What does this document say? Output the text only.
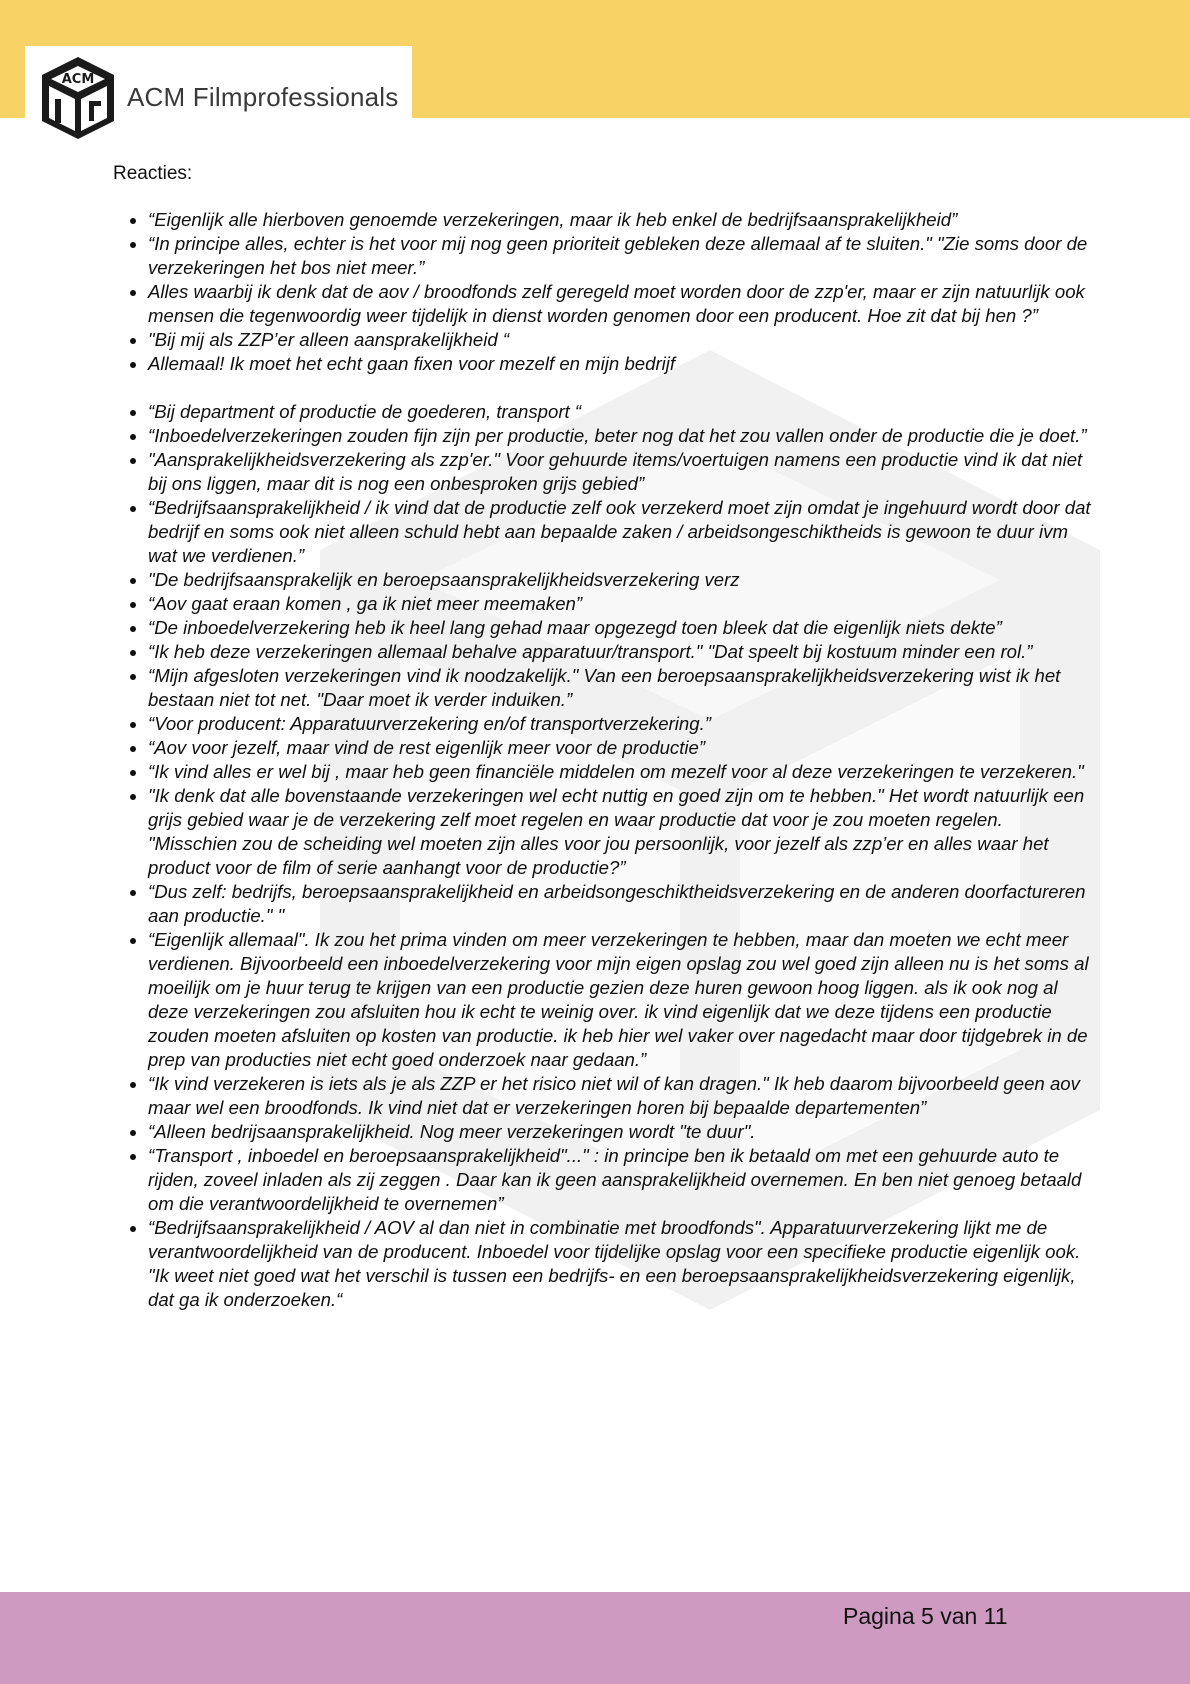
ACM
ACM Filmprofessionals

Reacties:

• “Eigenlijk alle hierboven genoemde verzekeringen, maar ik heb enkel de bedrijfsaansprakelijkheid”
• “In principe alles, echter is het voor mij nog geen prioriteit gebleken deze allemaal af te sluiten." "Zie soms door de verzekeringen het bos niet meer.”
• Alles waarbij ik denk dat de aov / broodfonds zelf geregeld moet worden door de zzp'er, maar er zijn natuurlijk ook mensen die tegenwoordig weer tijdelijk in dienst worden genomen door een producent. Hoe zit dat bij hen ?”
• "Bij mij als ZZP’er alleen aansprakelijkheid “
• Allemaal! Ik moet het echt gaan fixen voor mezelf en mijn bedrijf
• “Bij department of productie de goederen, transport “
• “Inboedelverzekeringen zouden fijn zijn per productie, beter nog dat het zou vallen onder de productie die je doet.”
• "Aansprakelijkheidsverzekering als zzp'er." Voor gehuurde items/voertuigen namens een productie vind ik dat niet bij ons liggen, maar dit is nog een onbesproken grijs gebied”
• “Bedrijfsaansprakelijkheid / ik vind dat de productie zelf ook verzekerd moet zijn omdat je ingehuurd wordt door dat bedrijf en soms ook niet alleen schuld hebt aan bepaalde zaken / arbeidsongeschiktheids is gewoon te duur ivm wat we verdienen.”
• "De bedrijfsaansprakelijk en beroepsaansprakelijkheidsverzekering verz
• “Aov gaat eraan komen , ga ik niet meer meemaken”
• “De inboedelverzekering heb ik heel lang gehad maar opgezegd toen bleek dat die eigenlijk niets dekte”
• “Ik heb deze verzekeringen allemaal behalve apparatuur/transport." "Dat speelt bij kostuum minder een rol.”
• “Mijn afgesloten verzekeringen vind ik noodzakelijk." Van een beroepsaansprakelijkheidsverzekering wist ik het bestaan niet tot net. "Daar moet ik verder induiken.”
• “Voor producent: Apparatuurverzekering en/of transportverzekering.”
• “Aov voor jezelf, maar vind de rest eigenlijk meer voor de productie”
• “Ik vind alles er wel bij , maar heb geen financiële middelen om mezelf voor al deze verzekeringen te verzekeren."
• "Ik denk dat alle bovenstaande verzekeringen wel echt nuttig en goed zijn om te hebben." Het wordt natuurlijk een grijs gebied waar je de verzekering zelf moet regelen en waar productie dat voor je zou moeten regelen. "Misschien zou de scheiding wel moeten zijn alles voor jou persoonlijk, voor jezelf als zzp’er en alles waar het product voor de film of serie aanhangt voor de productie?”
• “Dus zelf: bedrijfs, beroepsaansprakelijkheid en arbeidsongeschiktheidsverzekering en de anderen doorfactureren aan productie." "
• “Eigenlijk allemaal". Ik zou het prima vinden om meer verzekeringen te hebben, maar dan moeten we echt meer verdienen. Bijvoorbeeld een inboedelverzekering voor mijn eigen opslag zou wel goed zijn alleen nu is het soms al moeilijk om je huur terug te krijgen van een productie gezien deze huren gewoon hoog liggen. als ik ook nog al deze verzekeringen zou afsluiten hou ik echt te weinig over. ik vind eigenlijk dat we deze tijdens een productie zouden moeten afsluiten op kosten van productie. ik heb hier wel vaker over nagedacht maar door tijdgebrek in de prep van producties niet echt goed onderzoek naar gedaan.”
• “Ik vind verzekeren is iets als je als ZZP er het risico niet wil of kan dragen." Ik heb daarom bijvoorbeeld geen aov maar wel een broodfonds. Ik vind niet dat er verzekeringen horen bij bepaalde departementen”
• “Alleen bedrijsaansprakelijkheid. Nog meer verzekeringen wordt "te duur".
• “Transport , inboedel en beroepsaansprakelijkheid"..." : in principe ben ik betaald om met een gehuurde auto te rijden, zoveel inladen als zij zeggen . Daar kan ik geen aansprakelijkheid overnemen. En ben niet genoeg betaald om die verantwoordelijkheid te overnemen”
• “Bedrijfsaansprakelijkheid / AOV al dan niet in combinatie met broodfonds". Apparatuurverzekering lijkt me de verantwoordelijkheid van de producent. Inboedel voor tijdelijke opslag voor een specifieke productie eigenlijk ook. "Ik weet niet goed wat het verschil is tussen een bedrijfs- en een beroepsaansprakelijkheidsverzekering eigenlijk, dat ga ik onderzoeken.“
Pagina 5 van 11
